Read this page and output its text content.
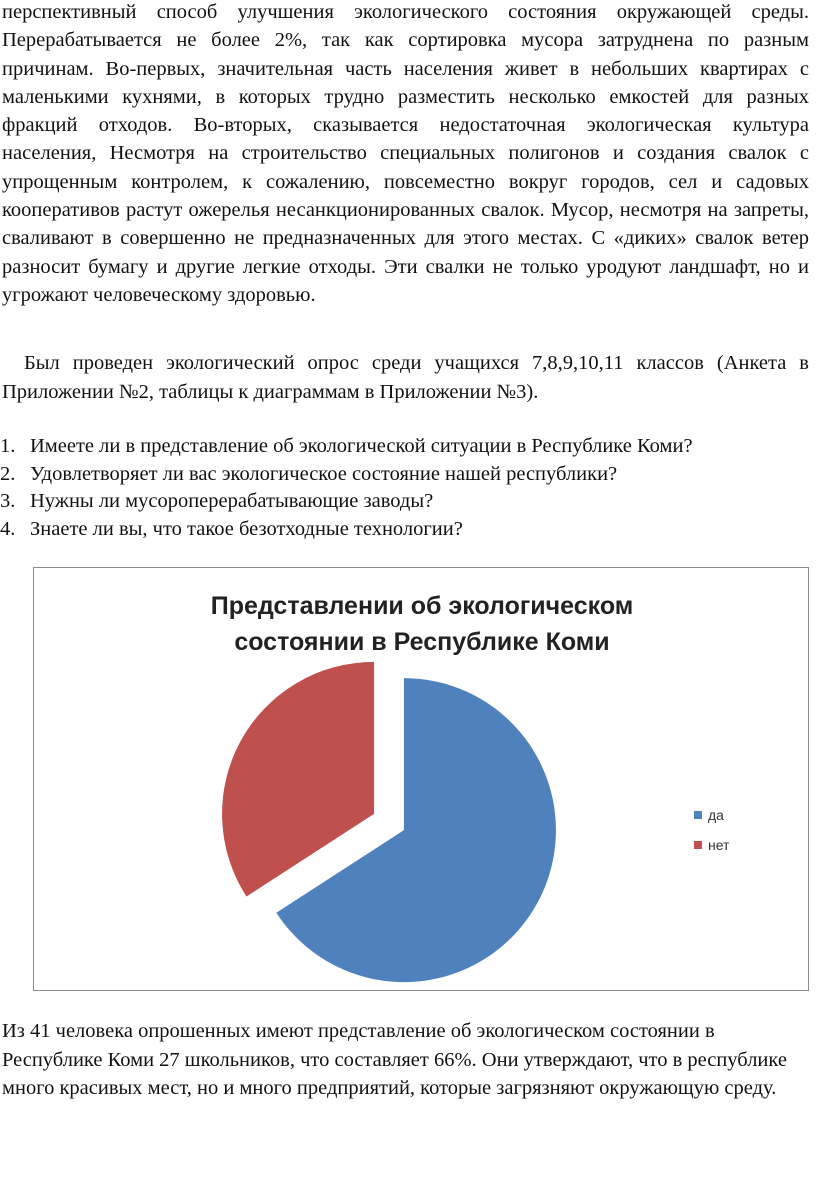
перспективный способ улучшения экологического состояния окружающей среды. Перерабатывается не более 2%, так как сортировка мусора затруднена по разным причинам. Во-первых, значительная часть населения живет в небольших квартирах с маленькими кухнями, в которых трудно разместить несколько емкостей для разных фракций отходов. Во-вторых, сказывается недостаточная экологическая культура населения, Несмотря на строительство специальных полигонов и создания свалок с упрощенным контролем, к сожалению, повсеместно вокруг городов, сел и садовых кооперативов растут ожерелья несанкционированных свалок. Мусор, несмотря на запреты, сваливают в совершенно не предназначенных для этого местах. С «диких» свалок ветер разносит бумагу и другие легкие отходы. Эти свалки не только уродуют ландшафт, но и угрожают человеческому здоровью.

Был проведен экологический опрос среди учащихся 7,8,9,10,11 классов (Анкета в Приложении №2, таблицы к диаграммам в Приложении №3).

1. Имеете ли в представление об экологической ситуации в Республике Коми?
2. Удовлетворяет ли вас экологическое состояние нашей республики?
3. Нужны ли мусороперерабатывающие заводы?
4. Знаете ли вы, что такое безотходные технологии?
Представлении об экологическом
состоянии в Республике Коми
да
нет

Из 41 человека опрошенных имеют представление об экологическом состоянии в Республике Коми 27 школьников, что составляет 66%. Они утверждают, что в республике много красивых мест, но и много предприятий, которые загрязняют окружающую среду.
